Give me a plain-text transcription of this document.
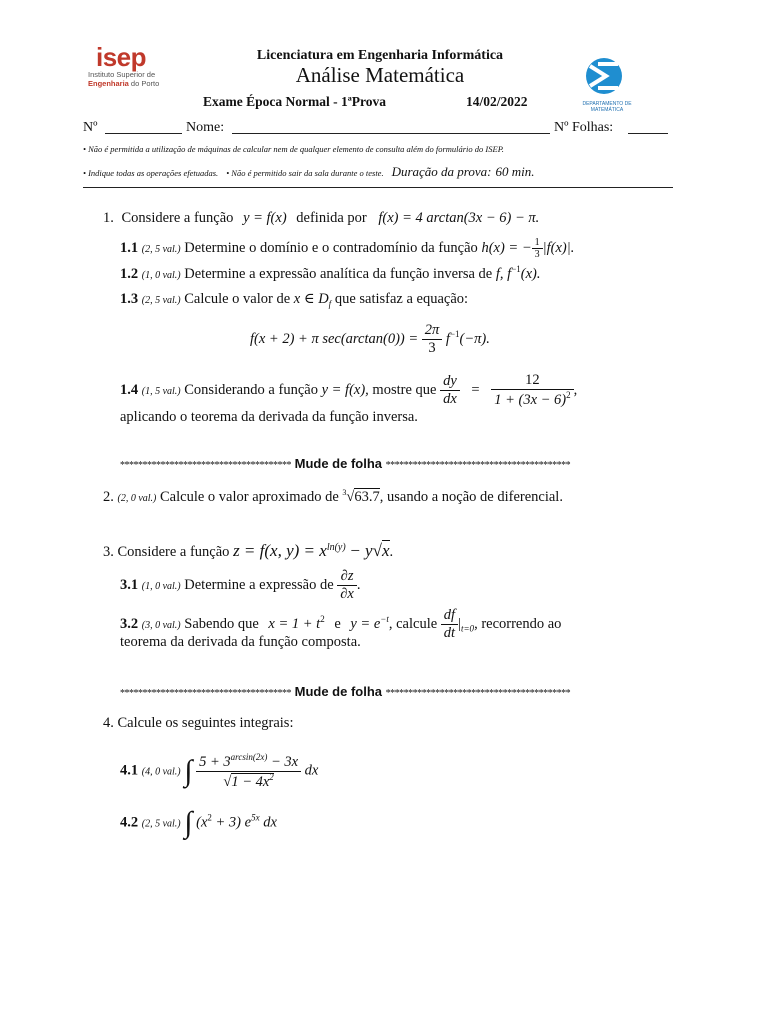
isep
Instituto Superior de
Engenharia do Porto
Licenciatura em Engenharia Informática
Análise Matemática
Exame Época Normal - 1ªProva	14/02/2022	DEPARTAMENTO DE MATEMÁTICA
Nº	Nome:	Nº Folhas:
• Não é permitida a utilização de máquinas de calcular nem de qualquer elemento de consulta além do formulário do ISEP.
• Indique todas as operações efetuadas. • Não é permitido sair da sala durante o teste. Duração da prova: 60 min.
1. Considere a função y = f(x) definida por f(x) = 4 arctan(3x − 6) − π.
1.1 (2, 5 val.) Determine o domínio e o contradomínio da função h(x) = − $\frac{1}{3} |f(x)|$.
1.2 (1, 0 val.) Determine a expressão analítica da função inversa de f, $f^{-1}(x)$.
1.3 (2, 5 val.) Calcule o valor de x ∈ $D_f$ que satisfaz a equação:
f(x + 2) + π $\sec(\arctan(0)) = \frac{2\pi}{3} f^{-1}(-\pi)$.
1.4 (1, 5 val.) Considerando a função y = f(x), mostre que $\frac{dy}{dx} = \frac{12}{1 + (3x - 6)^2}$ ,
aplicando o teorema da derivada da função inversa.
************************************** Mude de folha *****************************************
2. (2, 0 val.) Calcule o valor aproximado de $^3$√63.7, usando a noção de diferencial.
3. Considere a função z = f(x, $y) = x^{ln(y)} - y√x$.
3.1 (1, 0 val.) Determine a expressão de $\frac{\partial z}{\partial x}$ .
3.2 (3, 0 val.) Sabendo que $x = 1 + t^2$ e $y = e^{-t}$, calcule $\frac{df}{dt} |_{t=0}$, recorrendo ao
teorema da derivada da função composta.
************************************** Mude de folha *****************************************
4. Calcule os seguintes integrais:
4.1 (4, 0 val.) ∫ $\frac{5 + 3^{arcsin(2x)} - 3x}{√1 - 4x^2}$ dx
4.2 (2, 5 val.) ∫ $(x^2 + 3)$ $e^{5x}$ dx
